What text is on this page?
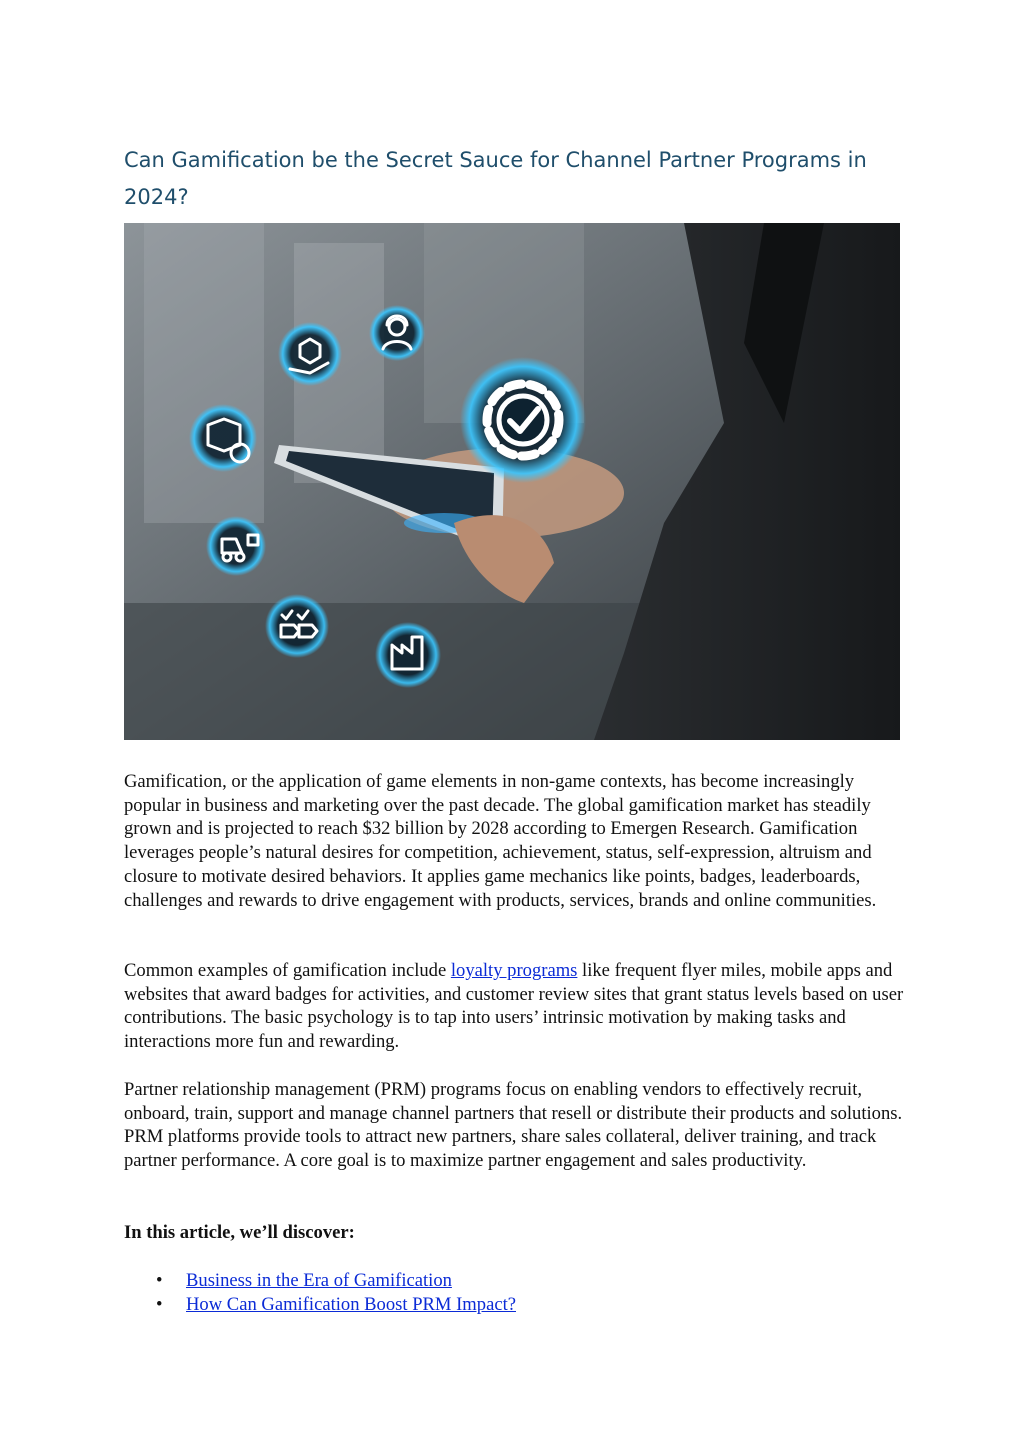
Can Gamification be the Secret Sauce for Channel Partner Programs in 2024?

Gamification, or the application of game elements in non-game contexts, has become increasingly popular in business and marketing over the past decade. The global gamification market has steadily grown and is projected to reach $32 billion by 2028 according to Emergen Research. Gamification leverages people’s natural desires for competition, achievement, status, self-expression, altruism and closure to motivate desired behaviors. It applies game mechanics like points, badges, leaderboards, challenges and rewards to drive engagement with products, services, brands and online communities.

Common examples of gamification include loyalty programs like frequent flyer miles, mobile apps and websites that award badges for activities, and customer review sites that grant status levels based on user contributions. The basic psychology is to tap into users’ intrinsic motivation by making tasks and interactions more fun and rewarding.

Partner relationship management (PRM) programs focus on enabling vendors to effectively recruit, onboard, train, support and manage channel partners that resell or distribute their products and solutions. PRM platforms provide tools to attract new partners, share sales collateral, deliver training, and track partner performance. A core goal is to maximize partner engagement and sales productivity.

In this article, we’ll discover:

• Business in the Era of Gamification
• How Can Gamification Boost PRM Impact?
